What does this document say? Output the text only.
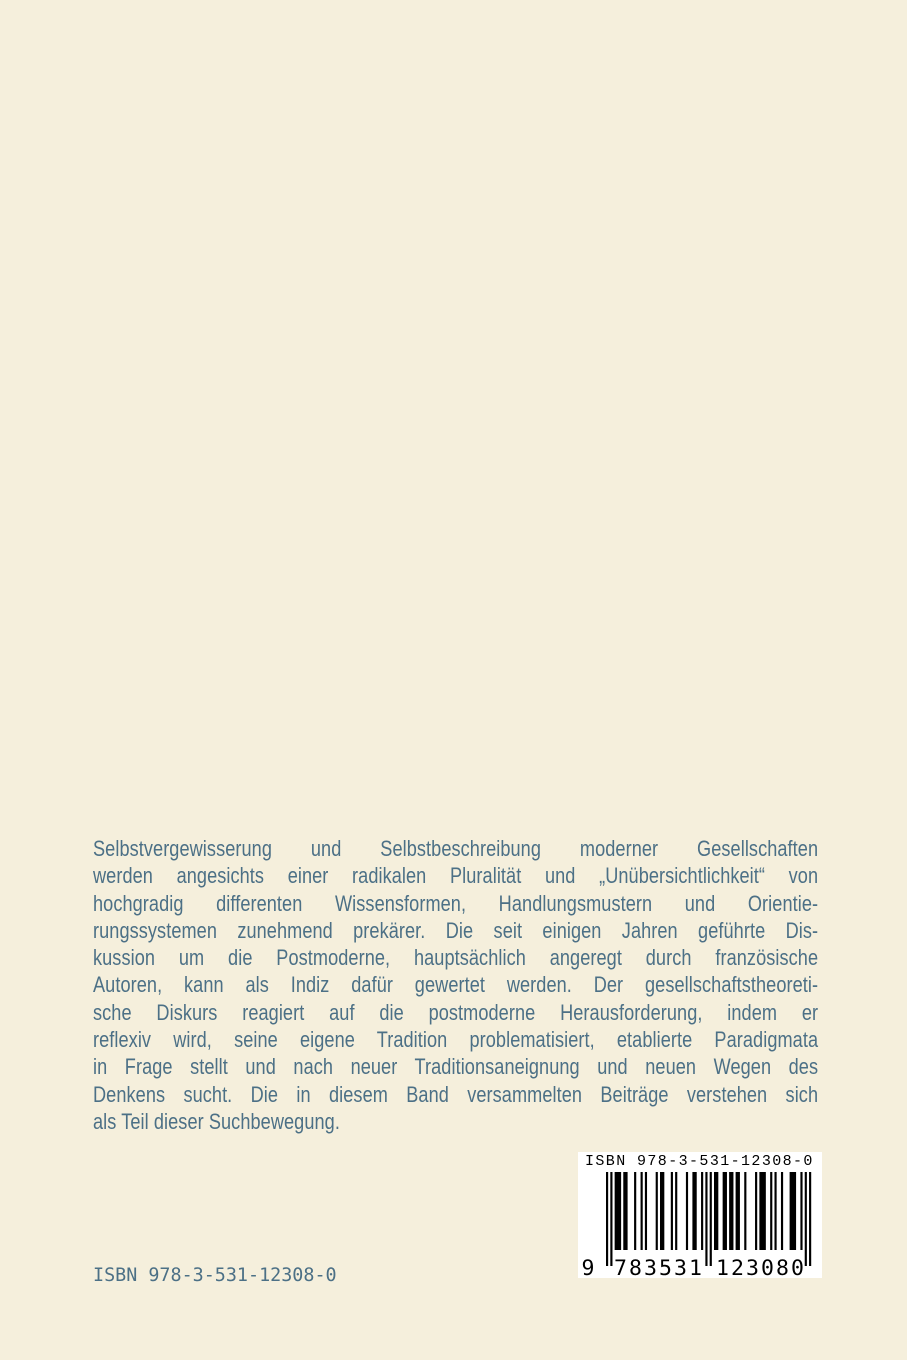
Selbstvergewisserung und Selbstbeschreibung moderner Gesellschaften
werden angesichts einer radikalen Pluralität und „Unübersichtlichkeit“ von
hochgradig differenten Wissensformen, Handlungsmustern und Orientie-
rungssystemen zunehmend prekärer. Die seit einigen Jahren geführte Dis-
kussion um die Postmoderne, hauptsächlich angeregt durch französische
Autoren, kann als Indiz dafür gewertet werden. Der gesellschaftstheoreti-
sche Diskurs reagiert auf die postmoderne Herausforderung, indem er
reflexiv wird, seine eigene Tradition problematisiert, etablierte Paradigmata
in Frage stellt und nach neuer Traditionsaneignung und neuen Wegen des
Denkens sucht. Die in diesem Band versammelten Beiträge verstehen sich
als Teil dieser Suchbewegung.
ISBN 978-3-531-12308-0
9 783531 123080
ISBN 978-3-531-12308-0
